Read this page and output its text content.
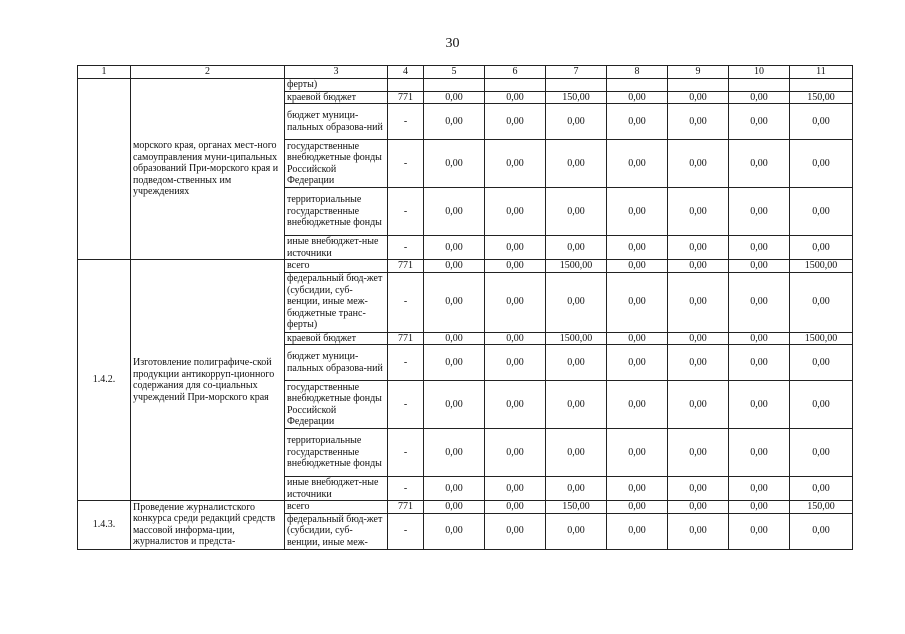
30
1	2	3	4	5	6	7	8	9	10	11
	морского края, органах мест-ного самоуправления муни-ципальных образований При-морского края и подведом-ственных им учреждениях	ферты)								
		краевой бюджет	771	0,00	0,00	150,00	0,00	0,00	0,00	150,00
		бюджет муници-пальных образова-ний	-	0,00	0,00	0,00	0,00	0,00	0,00	0,00
		государственные внебюджетные фонды Российской Федерации	-	0,00	0,00	0,00	0,00	0,00	0,00	0,00
		территориальные государственные внебюджетные фонды	-	0,00	0,00	0,00	0,00	0,00	0,00	0,00
		иные внебюджет-ные источники	-	0,00	0,00	0,00	0,00	0,00	0,00	0,00
1.4.2.	Изготовление полиграфиче-ской продукции антикорруп-ционного содержания для со-циальных учреждений При-морского края	всего	771	0,00	0,00	1500,00	0,00	0,00	0,00	1500,00
		федеральный бюд-жет (субсидии, суб-венции, иные меж-бюджетные транс-ферты)	-	0,00	0,00	0,00	0,00	0,00	0,00	0,00
		краевой бюджет	771	0,00	0,00	1500,00	0,00	0,00	0,00	1500,00
		бюджет муници-пальных образова-ний	-	0,00	0,00	0,00	0,00	0,00	0,00	0,00
		государственные внебюджетные фонды Российской Федерации	-	0,00	0,00	0,00	0,00	0,00	0,00	0,00
		территориальные государственные внебюджетные фонды	-	0,00	0,00	0,00	0,00	0,00	0,00	0,00
		иные внебюджет-ные источники	-	0,00	0,00	0,00	0,00	0,00	0,00	0,00
1.4.3.	Проведение журналистского конкурса среди редакций средств массовой информа-ции, журналистов и предста-	всего	771	0,00	0,00	150,00	0,00	0,00	0,00	150,00
		федеральный бюд-жет (субсидии, суб-венции, иные меж-	-	0,00	0,00	0,00	0,00	0,00	0,00	0,00
